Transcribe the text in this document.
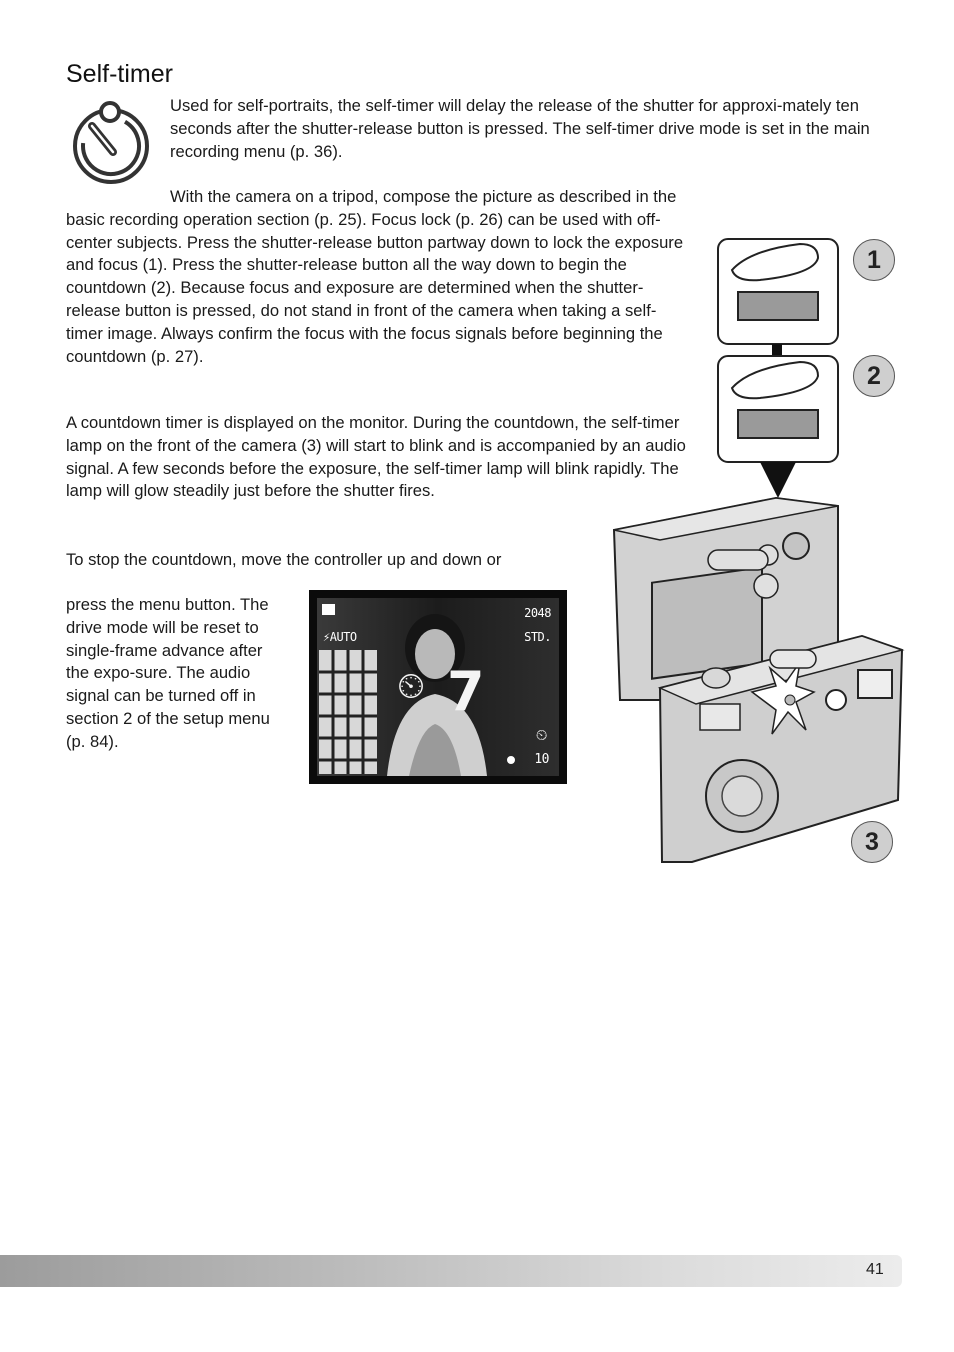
Self-timer

Used for self-portraits, the self-timer will delay the release of the shutter for approxi-mately ten seconds after the shutter-release button is pressed. The self-timer drive mode is set in the main recording menu (p. 36).

With the camera on a tripod, compose the picture as described in the basic recording operation section (p. 25). Focus lock (p. 26) can be used with off-center subjects. Press the shutter-release button partway down to lock the exposure and focus (1). Press the shutter-release button all the way down to begin the countdown (2). Because focus and exposure are determined when the shutter-release button is pressed, do not stand in front of the camera when taking a self-timer image. Always confirm the focus with the focus signals before beginning the countdown (p. 27).

A countdown timer is displayed on the monitor. During the countdown, the self-timer lamp on the front of the camera (3) will start to blink and is accompanied by an audio signal. A few seconds before the exposure, the self-timer lamp will blink rapidly. The lamp will glow steadily just before the shutter fires.

To stop the countdown, move the controller up and down or

press the menu button. The drive mode will be reset to single-frame advance after the expo-sure. The audio signal can be turned off in section 2 of the setup menu (p. 84).

2048
STD.
⚡AUTO
⏲ 7
⏲
10
1
2
3
41
